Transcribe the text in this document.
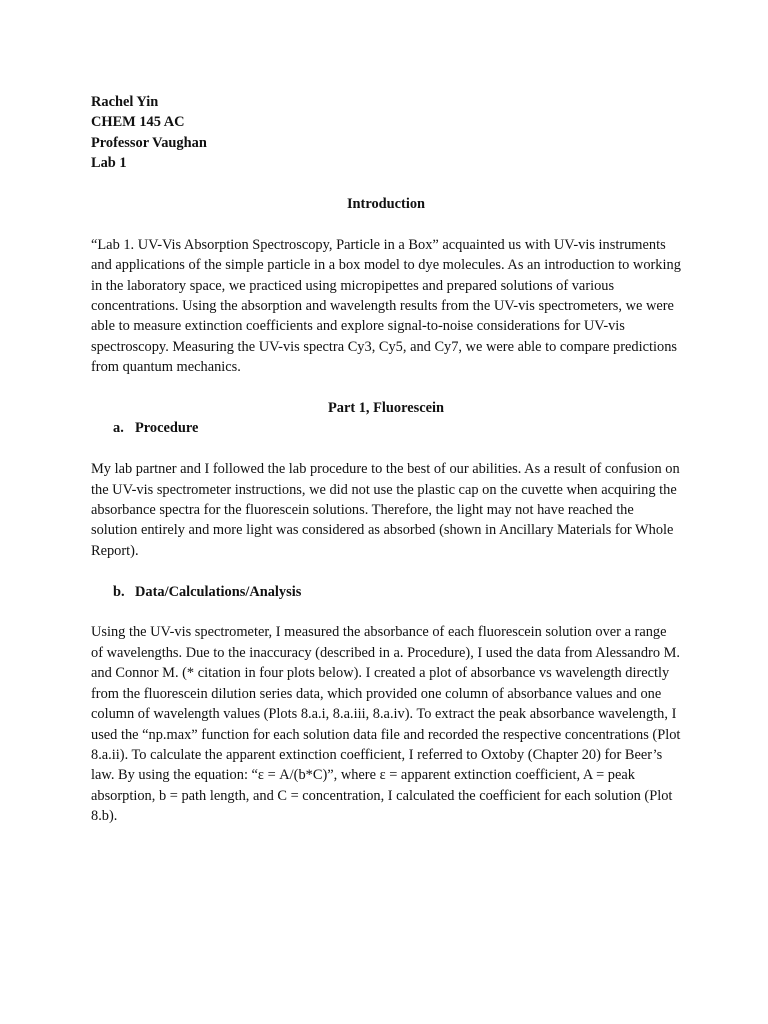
Rachel Yin

CHEM 145 AC

Professor Vaughan

Lab 1

Introduction

“Lab 1. UV-Vis Absorption Spectroscopy, Particle in a Box” acquainted us with UV-vis instruments and applications of the simple particle in a box model to dye molecules. As an introduction to working in the laboratory space, we practiced using micropipettes and prepared solutions of various concentrations. Using the absorption and wavelength results from the UV-vis spectrometers, we were able to measure extinction coefficients and explore signal-to-noise considerations for UV-vis spectroscopy. Measuring the UV-vis spectra Cy3, Cy5, and Cy7, we were able to compare predictions from quantum mechanics.

Part 1, Fluorescein

a. Procedure

My lab partner and I followed the lab procedure to the best of our abilities. As a result of confusion on the UV-vis spectrometer instructions, we did not use the plastic cap on the cuvette when acquiring the absorbance spectra for the fluorescein solutions. Therefore, the light may not have reached the solution entirely and more light was considered as absorbed (shown in Ancillary Materials for Whole Report).

b. Data/Calculations/Analysis

Using the UV-vis spectrometer, I measured the absorbance of each fluorescein solution over a range of wavelengths. Due to the inaccuracy (described in a. Procedure), I used the data from Alessandro M. and Connor M. (* citation in four plots below). I created a plot of absorbance vs wavelength directly from the fluorescein dilution series data, which provided one column of absorbance values and one column of wavelength values (Plots 8.a.i, 8.a.iii, 8.a.iv). To extract the peak absorbance wavelength, I used the “np.max” function for each solution data file and recorded the respective concentrations (Plot 8.a.ii). To calculate the apparent extinction coefficient, I referred to Oxtoby (Chapter 20) for Beer’s law. By using the equation: “ε = A/(b*C)”, where ε = apparent extinction coefficient, A = peak absorption, b = path length, and C = concentration, I calculated the coefficient for each solution (Plot 8.b).
